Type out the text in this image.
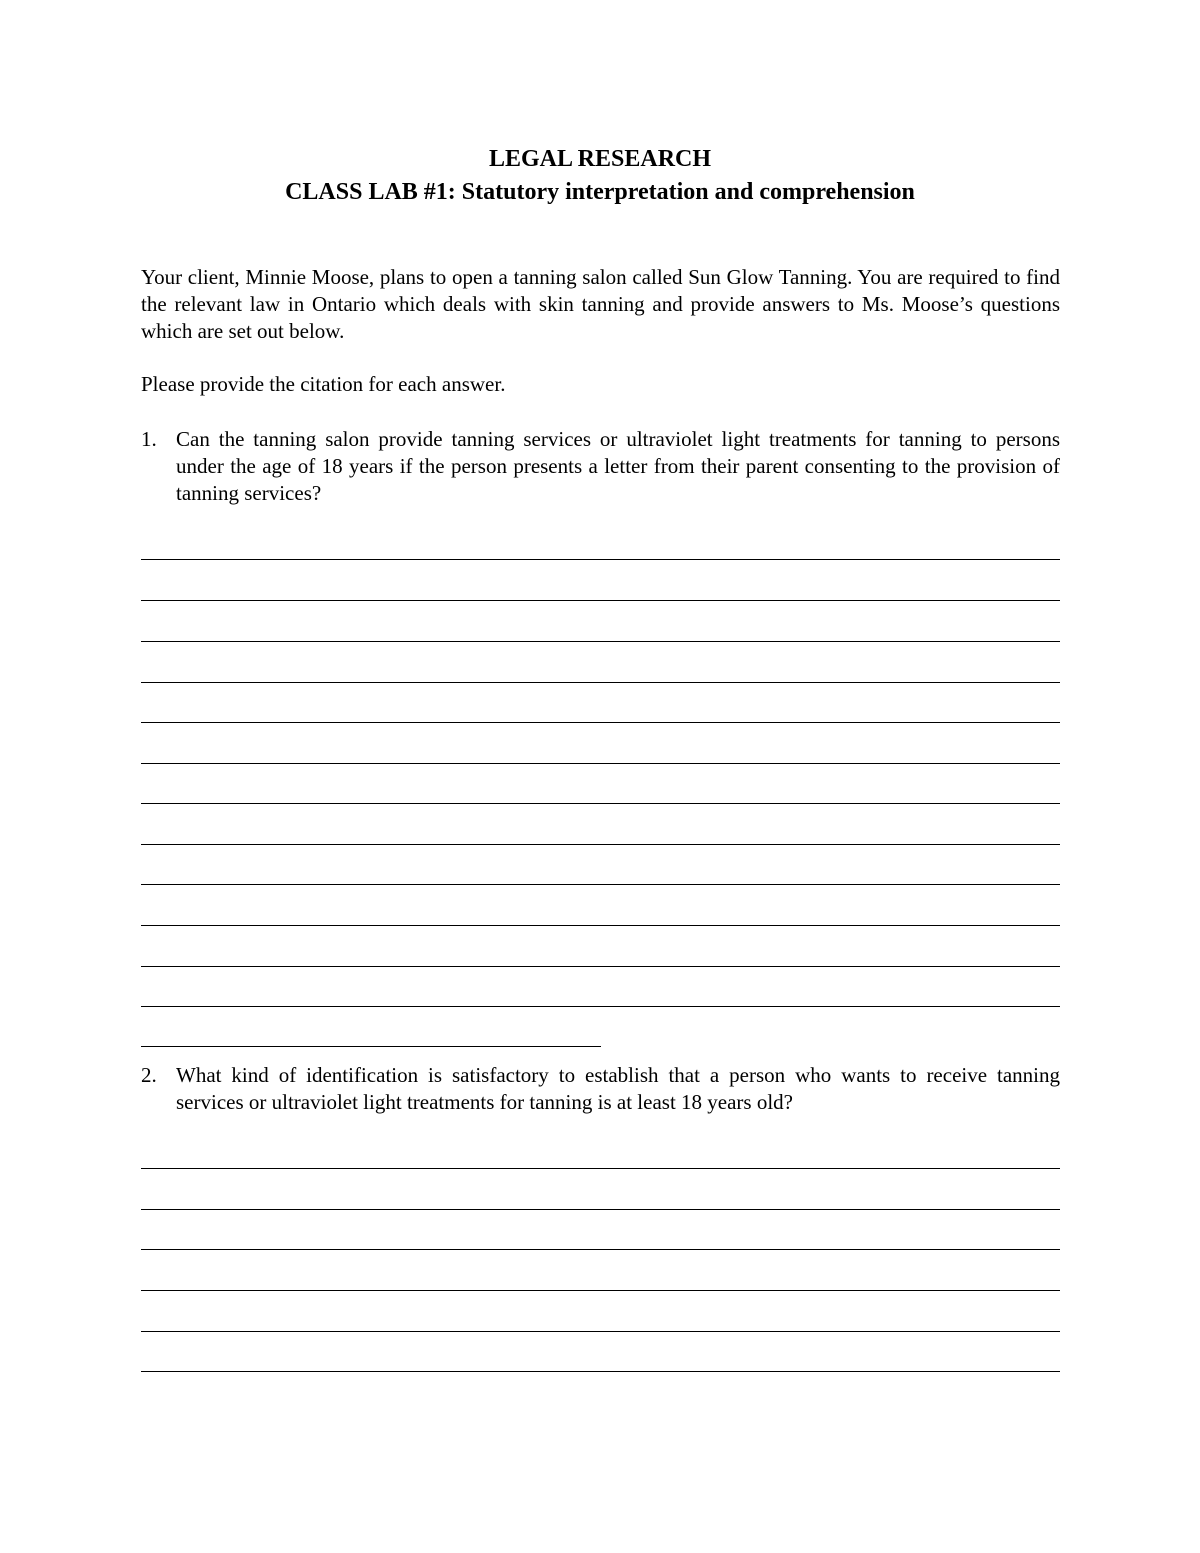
LEGAL RESEARCH
CLASS LAB #1: Statutory interpretation and comprehension
Your client, Minnie Moose, plans to open a tanning salon called Sun Glow Tanning. You are required to find the relevant law in Ontario which deals with skin tanning and provide answers to Ms. Moose’s questions which are set out below.
Please provide the citation for each answer.
1. Can the tanning salon provide tanning services or ultraviolet light treatments for tanning to persons under the age of 18 years if the person presents a letter from their parent consenting to the provision of tanning services?
2. What kind of identification is satisfactory to establish that a person who wants to receive tanning services or ultraviolet light treatments for tanning is at least 18 years old?
